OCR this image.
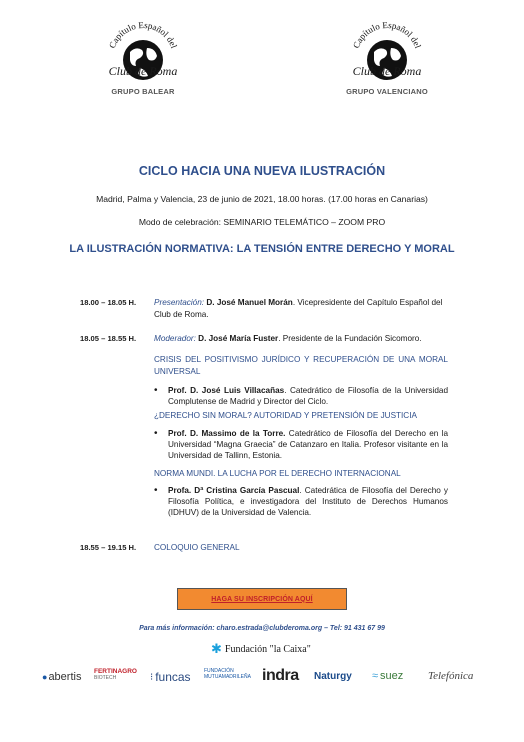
Capítulo Español del
Club de Roma
GRUPO BALEAR
Capítulo Español del
Club de Roma
GRUPO VALENCIANO
CICLO HACIA UNA NUEVA ILUSTRACIÓN
Madrid, Palma y Valencia, 23 de junio de 2021, 18.00 horas. (17.00 horas en Canarias)
Modo de celebración: SEMINARIO TELEMÁTICO – ZOOM PRO
LA ILUSTRACIÓN NORMATIVA: LA TENSIÓN ENTRE DERECHO Y MORAL
18.00 – 18.05 H. Presentación: D. José Manuel Morán. Vicepresidente del Capítulo Español del Club de Roma.
18.05 – 18.55 H. Moderador: D. José María Fuster. Presidente de la Fundación Sicomoro.
CRISIS DEL POSITIVISMO JURÍDICO Y RECUPERACIÓN DE UNA MORAL UNIVERSAL
• Prof. D. José Luis Villacañas. Catedrático de Filosofía de la Universidad Complutense de Madrid y Director del Ciclo.
¿DERECHO SIN MORAL? AUTORIDAD Y PRETENSIÓN DE JUSTICIA
• Prof. D. Massimo de la Torre. Catedrático de Filosofía del Derecho en la Universidad “Magna Graecia” de Catanzaro en Italia. Profesor visitante en la Universidad de Tallinn, Estonia.
NORMA MUNDI. LA LUCHA POR EL DERECHO INTERNACIONAL
• Profa. Dª Cristina García Pascual. Catedrática de Filosofía del Derecho y Filosofía Política, e investigadora del Instituto de Derechos Humanos (IDHUV) de la Universidad de Valencia.
18.55 – 19.15 H. COLOQUIO GENERAL
HAGA SU INSCRIPCIÓN AQUÍ
Para más información: charo.estrada@clubderoma.org – Tel: 91 431 67 99
✱ Fundación "la Caixa"
● abertis FERTINAGRO
BIOTECH	⁝ funcas	FUNDACIÓN
MUTUAMADRILEÑA indra Naturgy ≈ suez Telefónica
